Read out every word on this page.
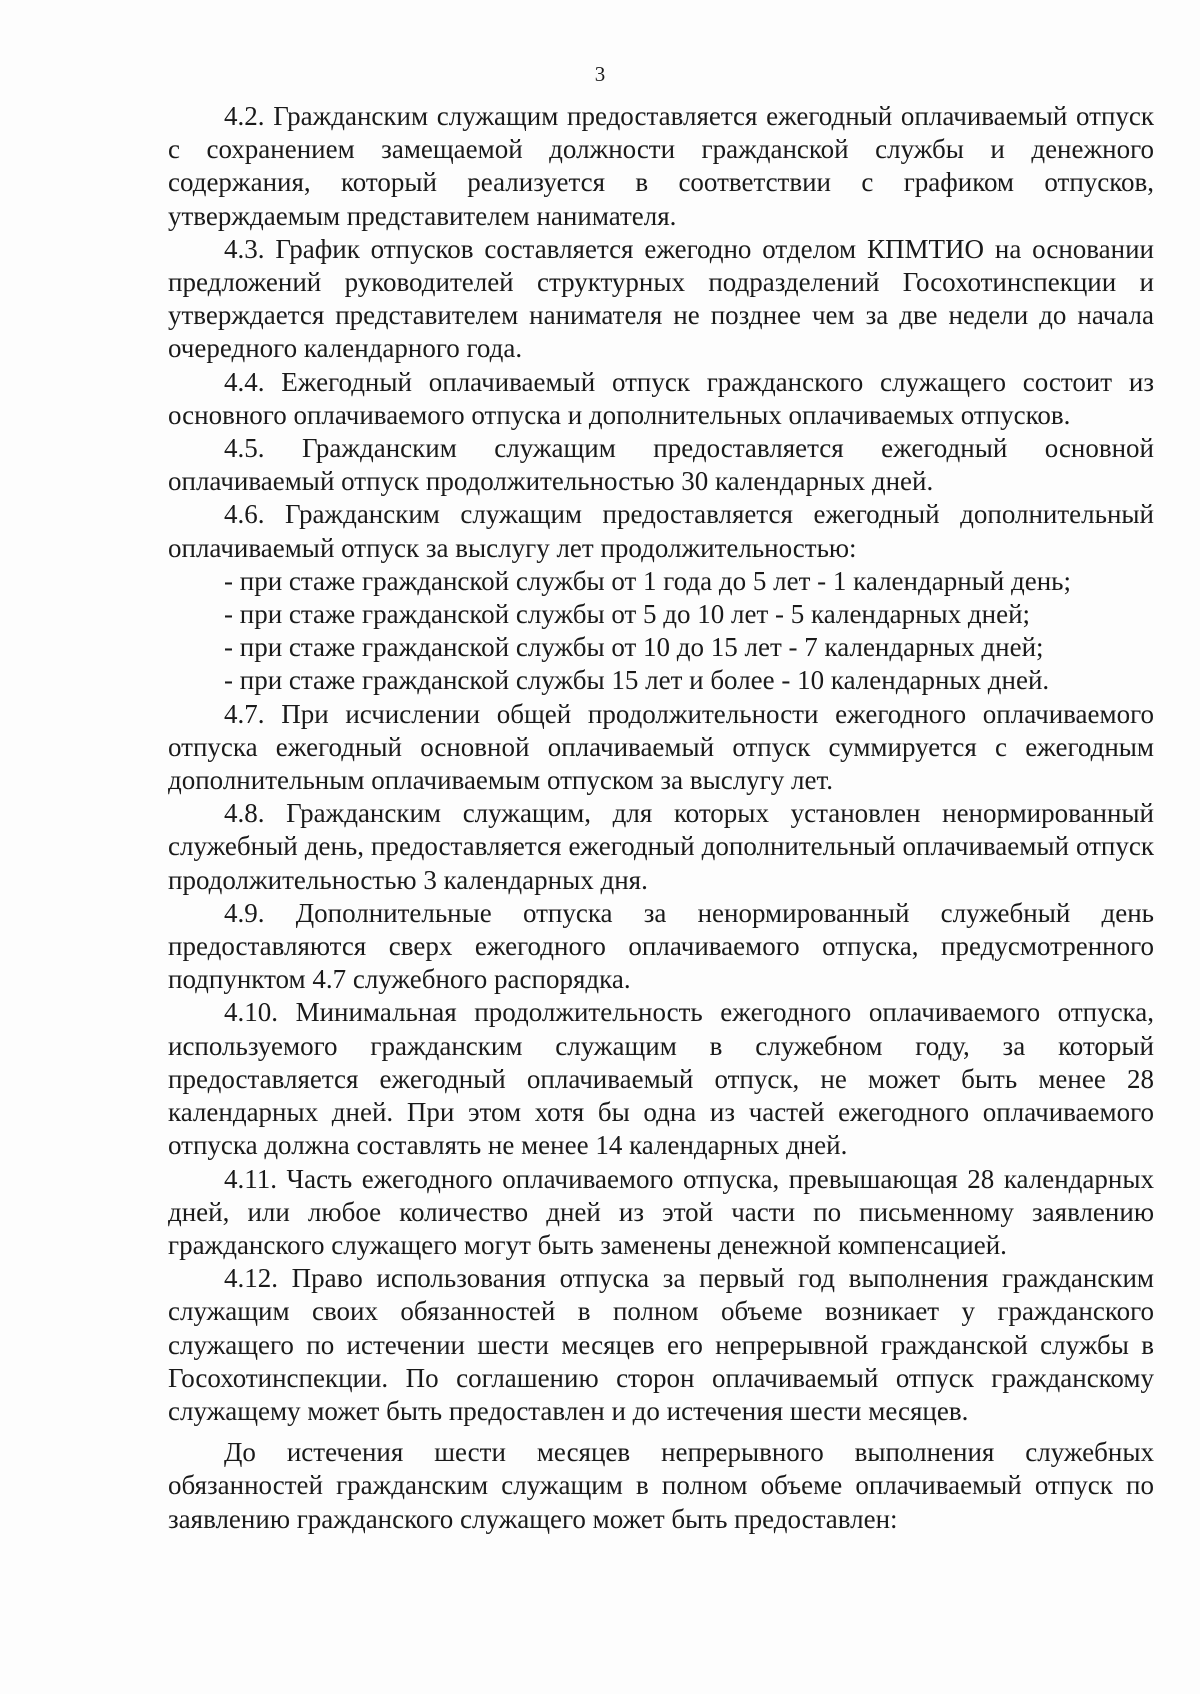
3

4.2. Гражданским служащим предоставляется ежегодный оплачиваемый отпуск с сохранением замещаемой должности гражданской службы и денежного содержания, который реализуется в соответствии с графиком отпусков, утверждаемым представителем нанимателя.

4.3. График отпусков составляется ежегодно отделом КПМТИО на основании предложений руководителей структурных подразделений Госохотинспекции и утверждается представителем нанимателя не позднее чем за две недели до начала очередного календарного года.

4.4. Ежегодный оплачиваемый отпуск гражданского служащего состоит из основного оплачиваемого отпуска и дополнительных оплачиваемых отпусков.

4.5. Гражданским служащим предоставляется ежегодный основной оплачиваемый отпуск продолжительностью 30 календарных дней.

4.6. Гражданским служащим предоставляется ежегодный дополнительный оплачиваемый отпуск за выслугу лет продолжительностью:

- при стаже гражданской службы от 1 года до 5 лет - 1 календарный день;
- при стаже гражданской службы от 5 до 10 лет - 5 календарных дней;
- при стаже гражданской службы от 10 до 15 лет - 7 календарных дней;
- при стаже гражданской службы 15 лет и более - 10 календарных дней.

4.7. При исчислении общей продолжительности ежегодного оплачиваемого отпуска ежегодный основной оплачиваемый отпуск суммируется с ежегодным дополнительным оплачиваемым отпуском за выслугу лет.

4.8. Гражданским служащим, для которых установлен ненормированный служебный день, предоставляется ежегодный дополнительный оплачиваемый отпуск продолжительностью 3 календарных дня.

4.9. Дополнительные отпуска за ненормированный служебный день предоставляются сверх ежегодного оплачиваемого отпуска, предусмотренного подпунктом 4.7 служебного распорядка.

4.10. Минимальная продолжительность ежегодного оплачиваемого отпуска, используемого гражданским служащим в служебном году, за который предоставляется ежегодный оплачиваемый отпуск, не может быть менее 28 календарных дней. При этом хотя бы одна из частей ежегодного оплачиваемого отпуска должна составлять не менее 14 календарных дней.

4.11. Часть ежегодного оплачиваемого отпуска, превышающая 28 календарных дней, или любое количество дней из этой части по письменному заявлению гражданского служащего могут быть заменены денежной компенсацией.

4.12. Право использования отпуска за первый год выполнения гражданским служащим своих обязанностей в полном объеме возникает у гражданского служащего по истечении шести месяцев его непрерывной гражданской службы в Госохотинспекции. По соглашению сторон оплачиваемый отпуск гражданскому служащему может быть предоставлен и до истечения шести месяцев.

До истечения шести месяцев непрерывного выполнения служебных обязанностей гражданским служащим в полном объеме оплачиваемый отпуск по заявлению гражданского служащего может быть предоставлен:
